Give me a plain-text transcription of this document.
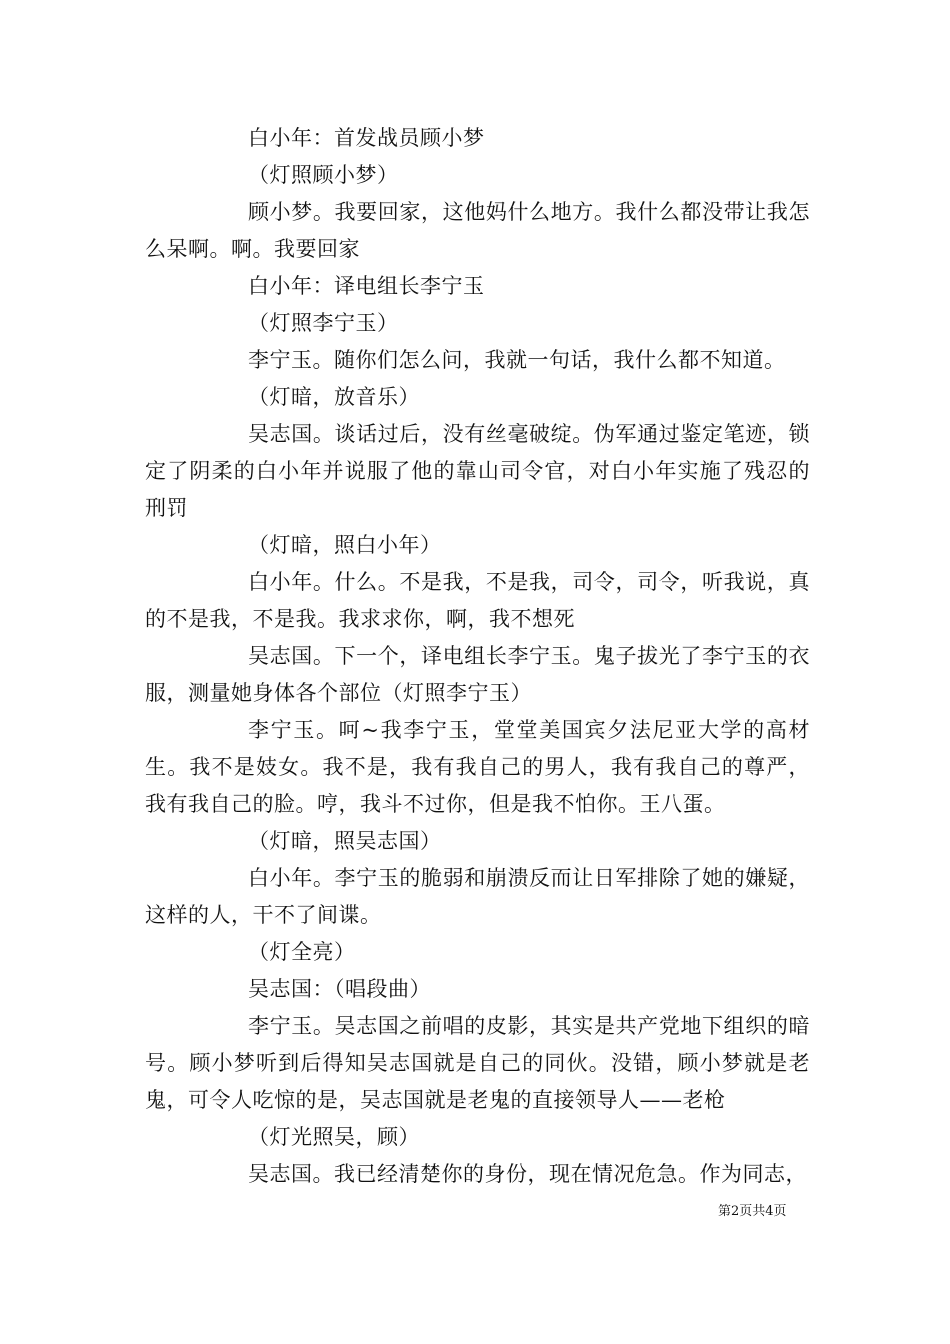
白小年：首发战员顾小梦

（灯照顾小梦）

顾小梦。我要回家，这他妈什么地方。我什么都没带让我怎么呆啊。啊。我要回家

白小年：译电组长李宁玉

（灯照李宁玉）

李宁玉。随你们怎么问，我就一句话，我什么都不知道。

（灯暗，放音乐）

吴志国。谈话过后，没有丝毫破绽。伪军通过鉴定笔迹，锁定了阴柔的白小年并说服了他的靠山司令官，对白小年实施了残忍的刑罚

（灯暗，照白小年）

白小年。什么。不是我，不是我，司令，司令，听我说，真的不是我，不是我。我求求你，啊，我不想死

吴志国。下一个，译电组长李宁玉。鬼子拔光了李宁玉的衣服，测量她身体各个部位（灯照李宁玉）

李宁玉。呵~我李宁玉，堂堂美国宾夕法尼亚大学的高材生。我不是妓女。我不是，我有我自己的男人，我有我自己的尊严，我有我自己的脸。哼，我斗不过你，但是我不怕你。王八蛋。

（灯暗，照吴志国）

白小年。李宁玉的脆弱和崩溃反而让日军排除了她的嫌疑，这样的人，干不了间谍。

（灯全亮）

吴志国：（唱段曲）

李宁玉。吴志国之前唱的皮影，其实是共产党地下组织的暗号。顾小梦听到后得知吴志国就是自己的同伙。没错，顾小梦就是老鬼，可令人吃惊的是，吴志国就是老鬼的直接领导人——老枪

（灯光照吴，顾）

吴志国。我已经清楚你的身份，现在情况危急。作为同志，

第2页共4页
